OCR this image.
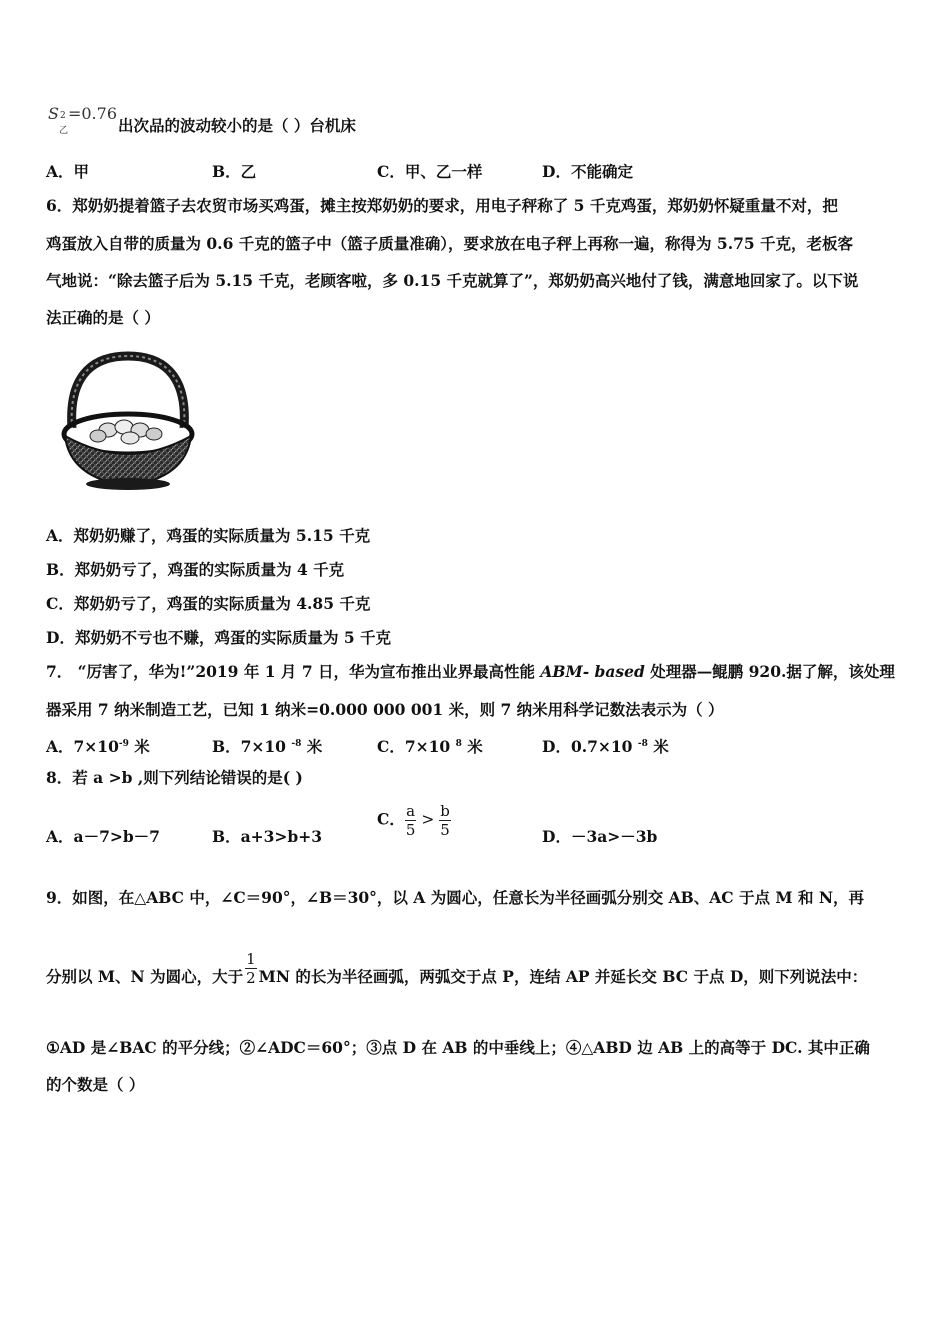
S 2
乙
=0.76
出次品的波动较小的是（ ）台机床
A．甲	B．乙	C．甲、乙一样	D．不能确定
6．郑奶奶提着篮子去农贸市场买鸡蛋，摊主按郑奶奶的要求，用电子秤称了 5 千克鸡蛋，郑奶奶怀疑重量不对，把
鸡蛋放入自带的质量为 0.6 千克的篮子中（篮子质量准确），要求放在电子秤上再称一遍，称得为 5.75 千克，老板客
气地说：“除去篮子后为 5.15 千克，老顾客啦，多 0.15 千克就算了”，郑奶奶高兴地付了钱，满意地回家了。以下说
法正确的是（ ）
A．郑奶奶赚了，鸡蛋的实际质量为 5.15 千克
B．郑奶奶亏了，鸡蛋的实际质量为 4 千克
C．郑奶奶亏了，鸡蛋的实际质量为 4.85 千克
D．郑奶奶不亏也不赚，鸡蛋的实际质量为 5 千克
7． “厉害了，华为!”2019 年 1 月 7 日，华为宣布推出业界最高性能 ABM- based 处理器—鲲鹏 920.据了解，该处理
器采用 7 纳米制造工艺，已知 1 纳米=0.000 000 001 米，则 7 纳米用科学记数法表示为（ ）
A．$7\times 10^{-9}$ 米	B．7×10 $^{-8}$ 米	C．7×10 $^8$ 米	D．0.7×10 $^{-8}$ 米
8．若 a >b ,则下列结论错误的是( )
A．a－7>b－7	B．a+3>b+3
C． $\frac{a}{5} > \frac{b}{5}$	D．－3a>－3b
9．如图，在△ABC 中，∠C＝90°，∠B＝30°，以 A 为圆心，任意长为半径画弧分别交 AB、AC 于点 M 和 N，再
分别以 M、N 为圆心，大于 $\frac{1}{2}$ MN 的长为半径画弧，两弧交于点 P，连结 AP 并延长交 BC 于点 D，则下列说法中：
①AD 是∠BAC 的平分线；②∠ADC＝60°；③点 D 在 AB 的中垂线上；④△ABD 边 AB 上的高等于 DC. 其中正确
的个数是（ ）
